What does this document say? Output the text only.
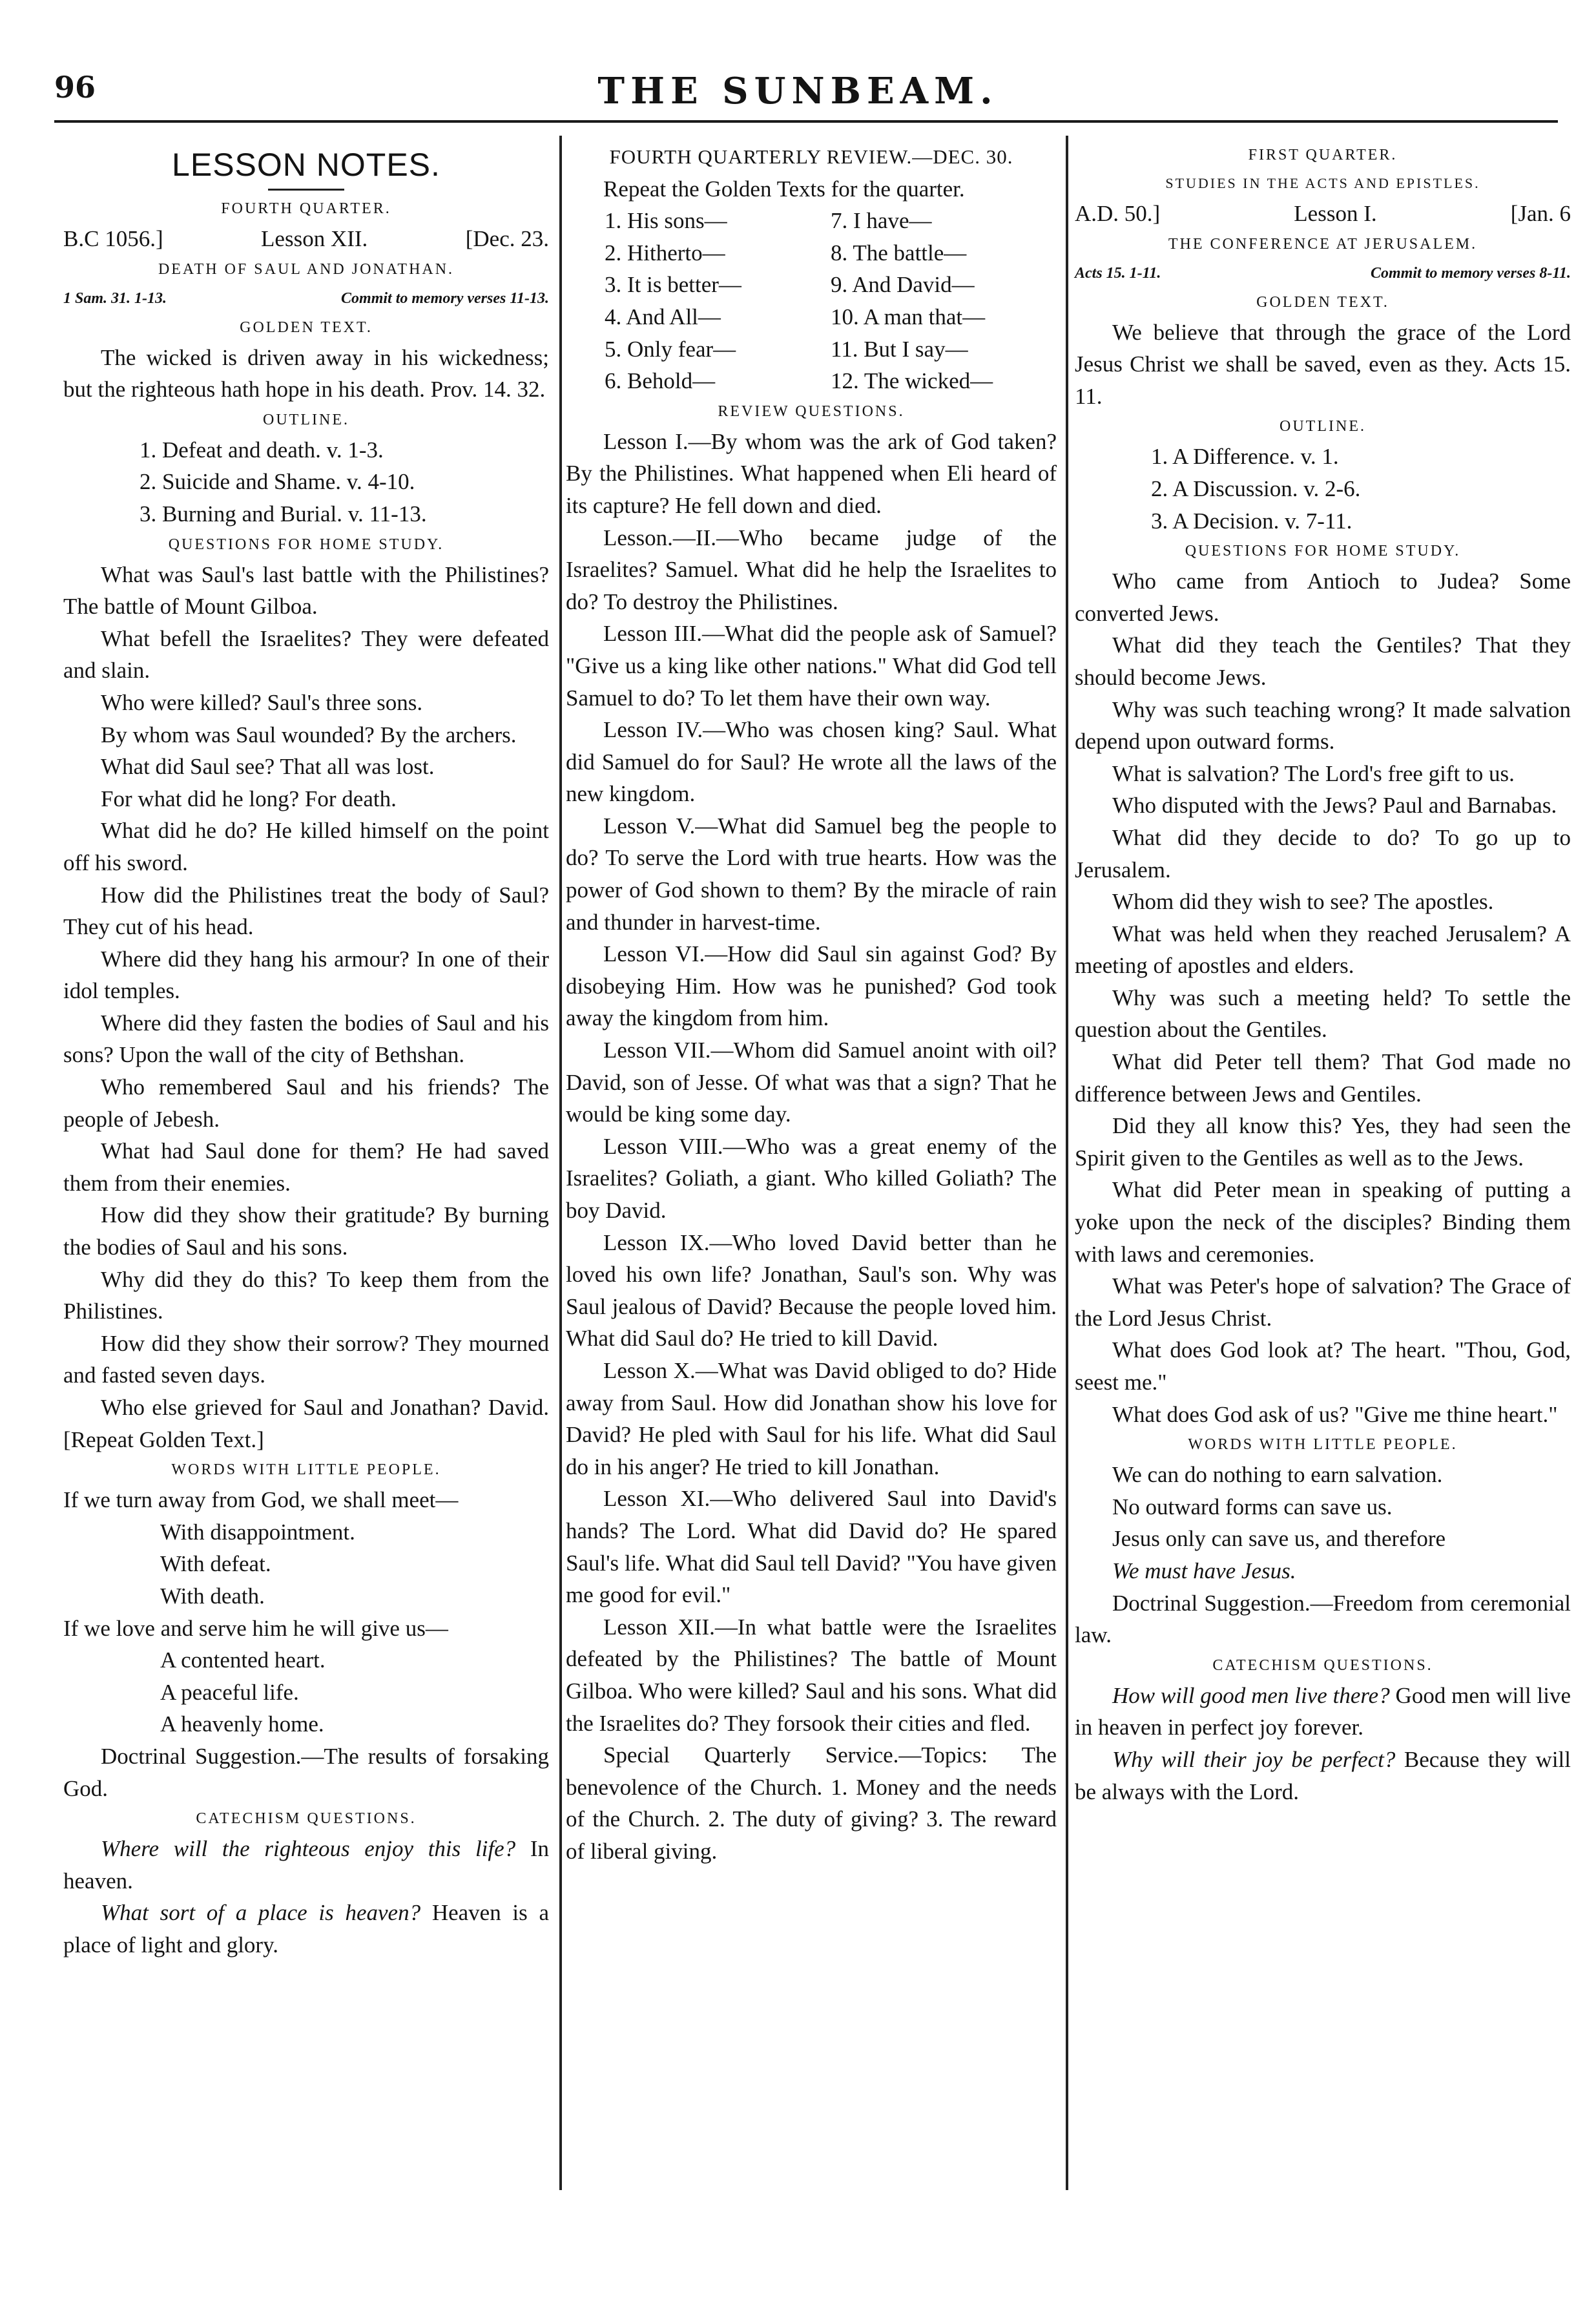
96	THE SUNBEAM.
LESSON NOTES.
FOURTH QUARTER.
B.C 1056.]	Lesson XII.	[Dec. 23.
DEATH OF SAUL AND JONATHAN.
1 Sam. 31. 1-13.	Commit to memory verses 11-13.
GOLDEN TEXT.

The wicked is driven away in his wickedness; but the righteous hath hope in his death. Prov. 14. 32.

OUTLINE.
1. Defeat and death. v. 1-3.
2. Suicide and Shame. v. 4-10.
3. Burning and Burial. v. 11-13.
QUESTIONS FOR HOME STUDY.

What was Saul's last battle with the Philistines? The battle of Mount Gilboa.

What befell the Israelites? They were defeated and slain.

Who were killed? Saul's three sons.

By whom was Saul wounded? By the archers.

What did Saul see? That all was lost.

For what did he long? For death.

What did he do? He killed himself on the point off his sword.

How did the Philistines treat the body of Saul? They cut of his head.

Where did they hang his armour? In one of their idol temples.

Where did they fasten the bodies of Saul and his sons? Upon the wall of the city of Bethshan.

Who remembered Saul and his friends? The people of Jebesh.

What had Saul done for them? He had saved them from their enemies.

How did they show their gratitude? By burning the bodies of Saul and his sons.

Why did they do this? To keep them from the Philistines.

How did they show their sorrow? They mourned and fasted seven days.

Who else grieved for Saul and Jonathan? David. [Repeat Golden Text.]

WORDS WITH LITTLE PEOPLE.

If we turn away from God, we shall meet—

With disappointment.

With defeat.

With death.

If we love and serve him he will give us—

A contented heart.

A peaceful life.

A heavenly home.

Doctrinal Suggestion.—The results of forsaking God.

CATECHISM QUESTIONS.

Where will the righteous enjoy this life? In heaven.

What sort of a place is heaven? Heaven is a place of light and glory.

FOURTH QUARTERLY REVIEW.—DEC. 30.

Repeat the Golden Texts for the quarter.

1. His sons—	7. I have—
2. Hitherto—	8. The battle—
3. It is better—	9. And David—
4. And All—	10. A man that—
5. Only fear—	11. But I say—
6. Behold—	12. The wicked—
REVIEW QUESTIONS.

Lesson I.—By whom was the ark of God taken? By the Philistines. What happened when Eli heard of its capture? He fell down and died.

Lesson.—II.—Who became judge of the Israelites? Samuel. What did he help the Israelites to do? To destroy the Philistines.

Lesson III.—What did the people ask of Samuel? "Give us a king like other nations." What did God tell Samuel to do? To let them have their own way.

Lesson IV.—Who was chosen king? Saul. What did Samuel do for Saul? He wrote all the laws of the new kingdom.

Lesson V.—What did Samuel beg the people to do? To serve the Lord with true hearts. How was the power of God shown to them? By the miracle of rain and thunder in harvest-time.

Lesson VI.—How did Saul sin against God? By disobeying Him. How was he punished? God took away the kingdom from him.

Lesson VII.—Whom did Samuel anoint with oil? David, son of Jesse. Of what was that a sign? That he would be king some day.

Lesson VIII.—Who was a great enemy of the Israelites? Goliath, a giant. Who killed Goliath? The boy David.

Lesson IX.—Who loved David better than he loved his own life? Jonathan, Saul's son. Why was Saul jealous of David? Because the people loved him. What did Saul do? He tried to kill David.

Lesson X.—What was David obliged to do? Hide away from Saul. How did Jonathan show his love for David? He pled with Saul for his life. What did Saul do in his anger? He tried to kill Jonathan.

Lesson XI.—Who delivered Saul into David's hands? The Lord. What did David do? He spared Saul's life. What did Saul tell David? "You have given me good for evil."

Lesson XII.—In what battle were the Israelites defeated by the Philistines? The battle of Mount Gilboa. Who were killed? Saul and his sons. What did the Israelites do? They forsook their cities and fled.

Special Quarterly Service.—Topics: The benevolence of the Church. 1. Money and the needs of the Church. 2. The duty of giving? 3. The reward of liberal giving.

FIRST QUARTER.
STUDIES IN THE ACTS AND EPISTLES.
A.D. 50.]	Lesson I.	[Jan. 6
THE CONFERENCE AT JERUSALEM.
Acts 15. 1-11.	Commit to memory verses 8-11.
GOLDEN TEXT.

We believe that through the grace of the Lord Jesus Christ we shall be saved, even as they. Acts 15. 11.

OUTLINE.
1. A Difference. v. 1.
2. A Discussion. v. 2-6.
3. A Decision. v. 7-11.
QUESTIONS FOR HOME STUDY.

Who came from Antioch to Judea? Some converted Jews.

What did they teach the Gentiles? That they should become Jews.

Why was such teaching wrong? It made salvation depend upon outward forms.

What is salvation? The Lord's free gift to us.

Who disputed with the Jews? Paul and Barnabas.

What did they decide to do? To go up to Jerusalem.

Whom did they wish to see? The apostles.

What was held when they reached Jerusalem? A meeting of apostles and elders.

Why was such a meeting held? To settle the question about the Gentiles.

What did Peter tell them? That God made no difference between Jews and Gentiles.

Did they all know this? Yes, they had seen the Spirit given to the Gentiles as well as to the Jews.

What did Peter mean in speaking of putting a yoke upon the neck of the disciples? Binding them with laws and ceremonies.

What was Peter's hope of salvation? The Grace of the Lord Jesus Christ.

What does God look at? The heart. "Thou, God, seest me."

What does God ask of us? "Give me thine heart."

WORDS WITH LITTLE PEOPLE.

We can do nothing to earn salvation.

No outward forms can save us.

Jesus only can save us, and therefore

We must have Jesus.

Doctrinal Suggestion.—Freedom from ceremonial law.

CATECHISM QUESTIONS.

How will good men live there? Good men will live in heaven in perfect joy forever.

Why will their joy be perfect? Because they will be always with the Lord.
